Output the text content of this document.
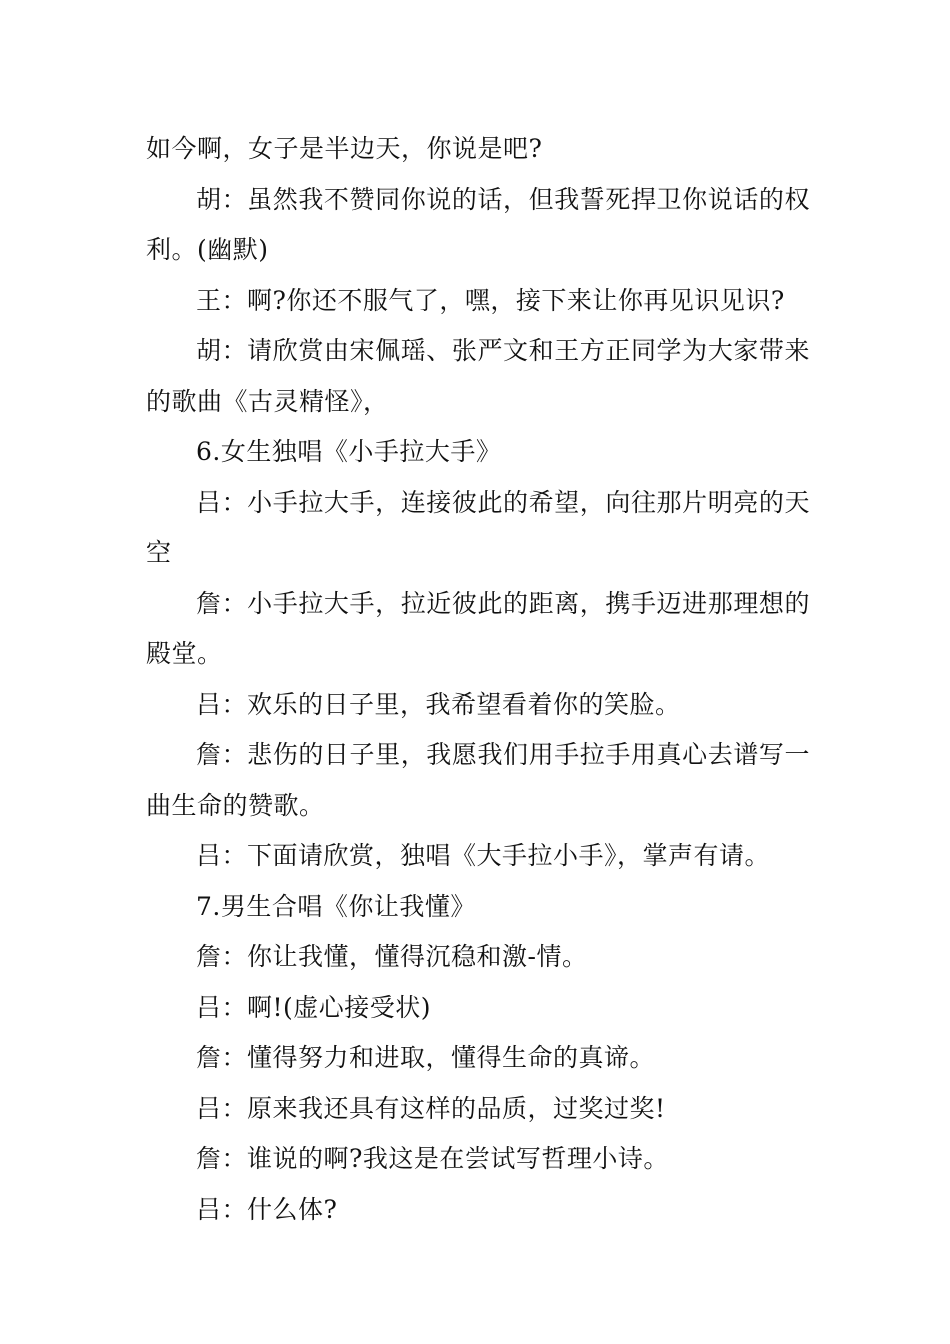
如今啊，女子是半边天，你说是吧?

胡：虽然我不赞同你说的话，但我誓死捍卫你说话的权利。(幽默)

王：啊?你还不服气了，嘿，接下来让你再见识见识?

胡：请欣赏由宋佩瑶、张严文和王方正同学为大家带来的歌曲《古灵精怪》，

6.女生独唱《小手拉大手》

吕：小手拉大手，连接彼此的希望，向往那片明亮的天空

詹：小手拉大手，拉近彼此的距离，携手迈进那理想的殿堂。

吕：欢乐的日子里，我希望看着你的笑脸。

詹：悲伤的日子里，我愿我们用手拉手用真心去谱写一曲生命的赞歌。

吕：下面请欣赏，独唱《大手拉小手》，掌声有请。

7.男生合唱《你让我懂》

詹：你让我懂，懂得沉稳和激-情。

吕：啊!(虚心接受状)

詹：懂得努力和进取，懂得生命的真谛。

吕：原来我还具有这样的品质，过奖过奖!

詹：谁说的啊?我这是在尝试写哲理小诗。

吕：什么体?
